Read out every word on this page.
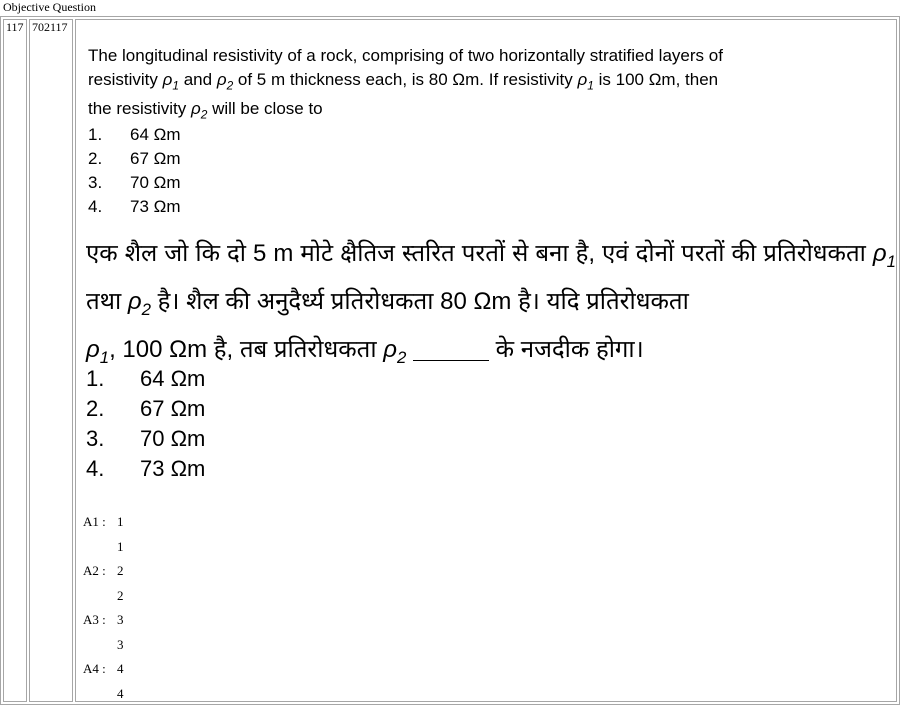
Objective Question
117	702117	
The longitudinal resistivity of a rock, comprising of two horizontally stratified layers of resistivity $\rho_1$ and $\rho_2$ of 5 m thickness each, is 80 Ωm. If resistivity $\rho_1$ is 100 Ωm, then the resistivity $\rho_2$ will be close to
1.	64 Ωm
2.	67 Ωm
3.	70 Ωm
4.	73 Ωm
एक शैल जो कि दो 5 m मोटे क्षैतिज स्तरित परतों से बना है, एवं दोनों परतों की प्रतिरोधकता $\rho_1$ तथा $\rho_2$ है। शैल की अनुदैर्ध्य प्रतिरोधकता 80 Ωm है। यदि प्रतिरोधकता
$\rho_1$, 100 Ωm है, तब प्रतिरोधकता $\rho_2$	के नजदीक होगा।
1.	64 Ωm
2.	67 Ωm
3.	70 Ωm
4.	73 Ωm
A1 : 1
1
A2 : 2
2
A3 : 3
3
A4 : 4
4
